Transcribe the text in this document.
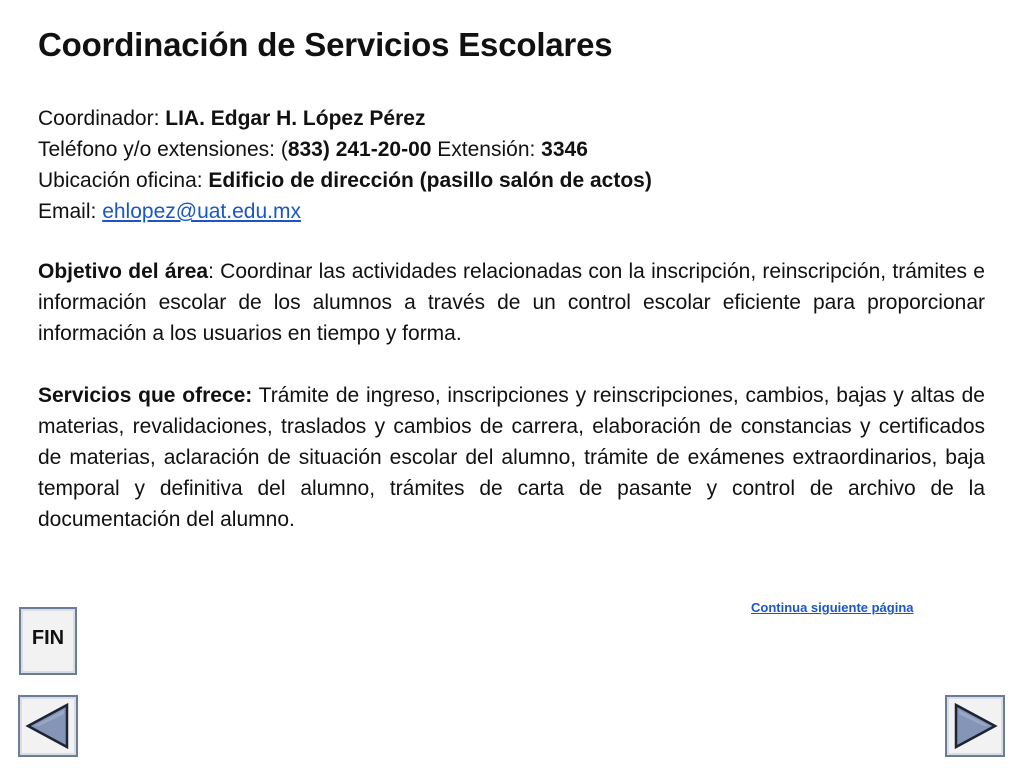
Coordinación de Servicios Escolares
Coordinador: LIA. Edgar H. López Pérez
Teléfono y/o extensiones: (833) 241-20-00 Extensión: 3346
Ubicación oficina: Edificio de dirección (pasillo salón de actos)
Email: ehlopez@uat.edu.mx
Objetivo del área: Coordinar las actividades relacionadas con la inscripción, reinscripción, trámites e información escolar de los alumnos a través de un control escolar eficiente para proporcionar información a los usuarios en tiempo y forma.
Servicios que ofrece: Trámite de ingreso, inscripciones y reinscripciones, cambios, bajas y altas de materias, revalidaciones, traslados y cambios de carrera, elaboración de constancias y certificados de materias, aclaración de situación escolar del alumno, trámite de exámenes extraordinarios, baja temporal y definitiva del alumno, trámites de carta de pasante y control de archivo de la documentación del alumno.
Continua siguiente página
FIN
